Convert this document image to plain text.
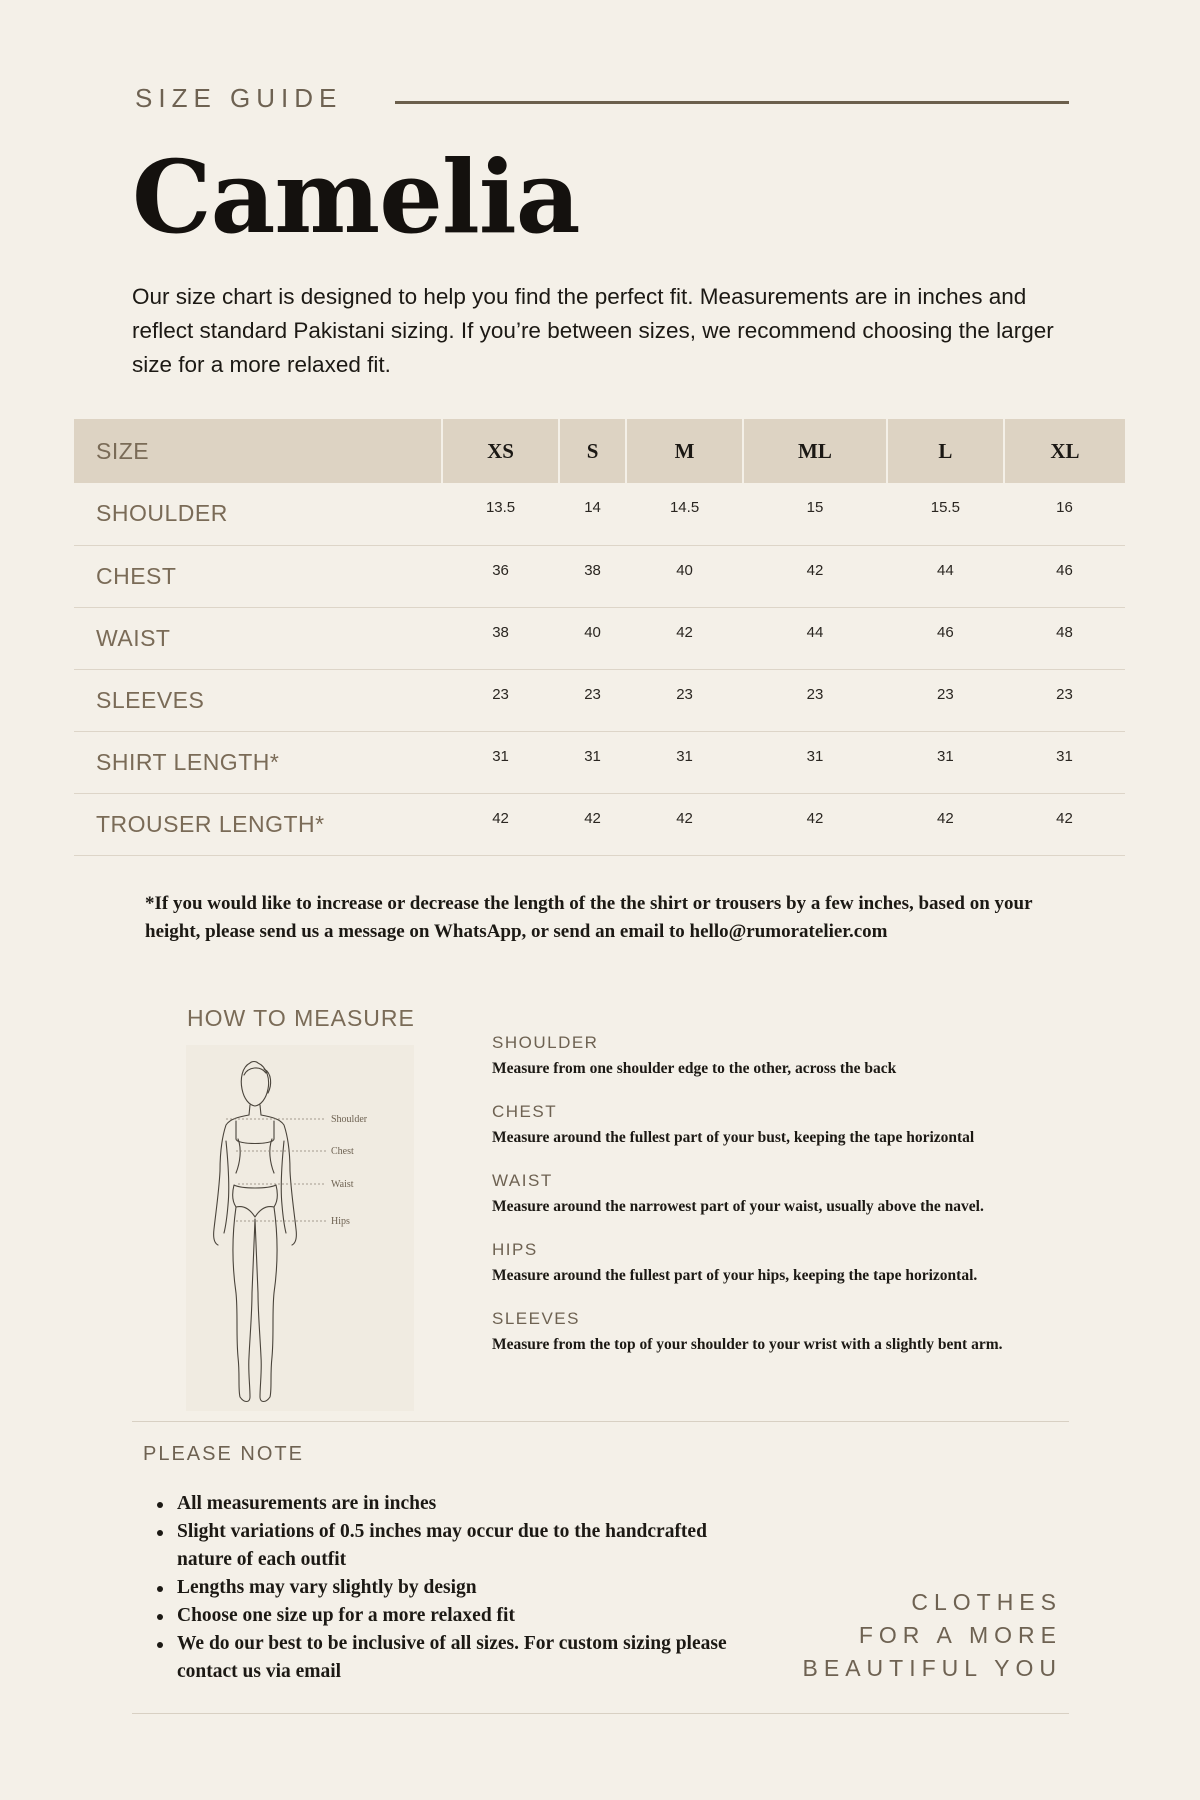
SIZE GUIDE
Camelia

Our size chart is designed to help you find the perfect fit. Measurements are in inches and reflect standard Pakistani sizing. If you’re between sizes, we recommend choosing the larger size for a more relaxed fit.

SIZE	XS	S	M	ML	L	XL
SHOULDER	13.5	14	14.5	15	15.5	16
CHEST	36	38	40	42	44	46
WAIST	38	40	42	44	46	48
SLEEVES	23	23	23	23	23	23
SHIRT LENGTH*	31	31	31	31	31	31
TROUSER LENGTH*	42	42	42	42	42	42

*If you would like to increase or decrease the length of the the shirt or trousers by a few inches, based on your height, please send us a message on WhatsApp, or send an email to hello@rumoratelier.com

HOW TO MEASURE
Shoulder
Chest
Waist
Hips
SHOULDER
Measure from one shoulder edge to the other, across the back
CHEST
Measure around the fullest part of your bust, keeping the tape horizontal
WAIST
Measure around the narrowest part of your waist, usually above the navel.
HIPS
Measure around the fullest part of your hips, keeping the tape horizontal.
SLEEVES
Measure from the top of your shoulder to your wrist with a slightly bent arm.
PLEASE NOTE
All measurements are in inches
Slight variations of 0.5 inches may occur due to the handcrafted nature of each outfit
Lengths may vary slightly by design
Choose one size up for a more relaxed fit
We do our best to be inclusive of all sizes. For custom sizing please contact us via email
CLOTHES
FOR A MORE
BEAUTIFUL YOU
